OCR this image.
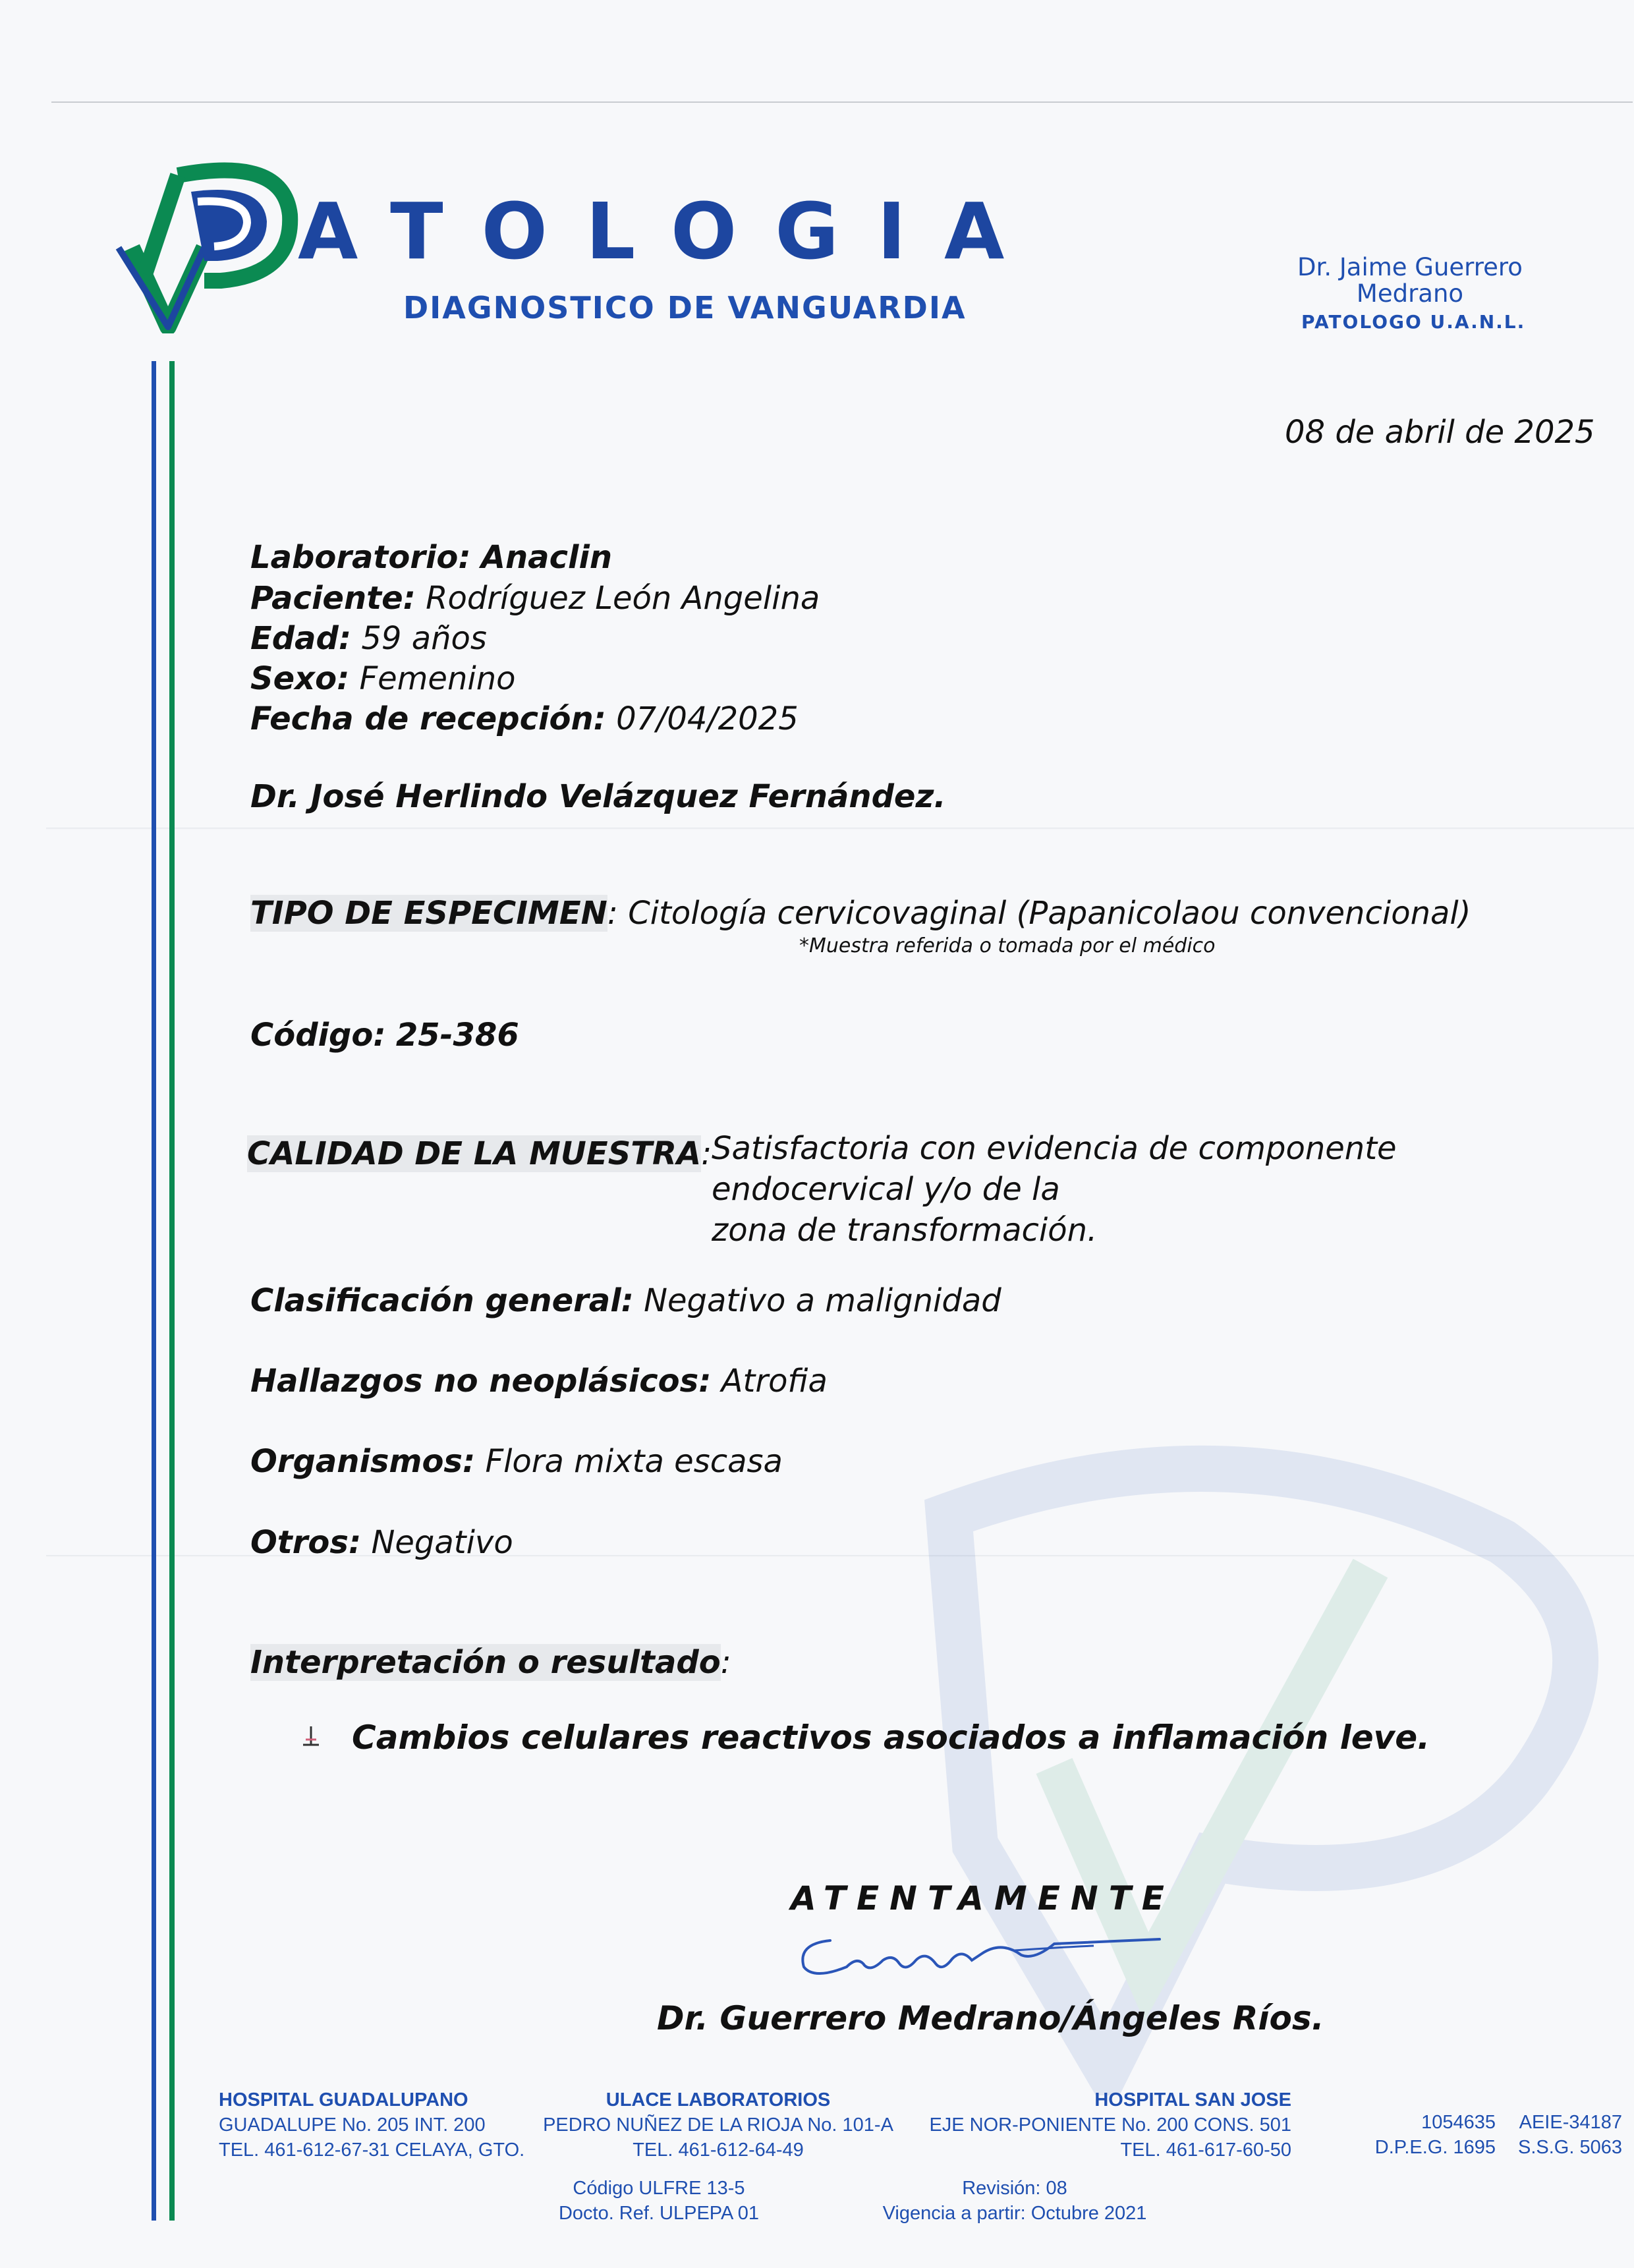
ATOLOGIA
DIAGNOSTICO DE VANGUARDIA
Dr. Jaime Guerrero Medrano
PATOLOGO U.A.N.L.
08 de abril de 2025
Laboratorio: Anaclin
Paciente: Rodríguez León Angelina
Edad: 59 años
Sexo: Femenino
Fecha de recepción: 07/04/2025
Dr. José Herlindo Velázquez Fernández.
TIPO DE ESPECIMEN: Citología cervicovaginal (Papanicolaou convencional)
*Muestra referida o tomada por el médico
Código: 25-386
CALIDAD DE LA MUESTRA: Satisfactoria con evidencia de componente endocervical y/o de la
zona de transformación.
Clasificación general: Negativo a malignidad
Hallazgos no neoplásicos: Atrofia
Organismos: Flora mixta escasa
Otros: Negativo
Interpretación o resultado:
Cambios celulares reactivos asociados a inflamación leve.
ATENTAMENTE
Dr. Guerrero Medrano/Ángeles Ríos.
HOSPITAL GUADALUPANO
GUADALUPE No. 205 INT. 200
TEL. 461-612-67-31 CELAYA, GTO.
ULACE LABORATORIOS
PEDRO NUÑEZ DE LA RIOJA No. 101-A
TEL. 461-612-64-49
HOSPITAL SAN JOSE
EJE NOR-PONIENTE No. 200 CONS. 501
TEL. 461-617-60-50
1054635
D.P.E.G. 1695
AEIE-34187
S.S.G. 5063
Código ULFRE 13-5
Docto. Ref. ULPEPA 01
Revisión: 08
Vigencia a partir: Octubre 2021
